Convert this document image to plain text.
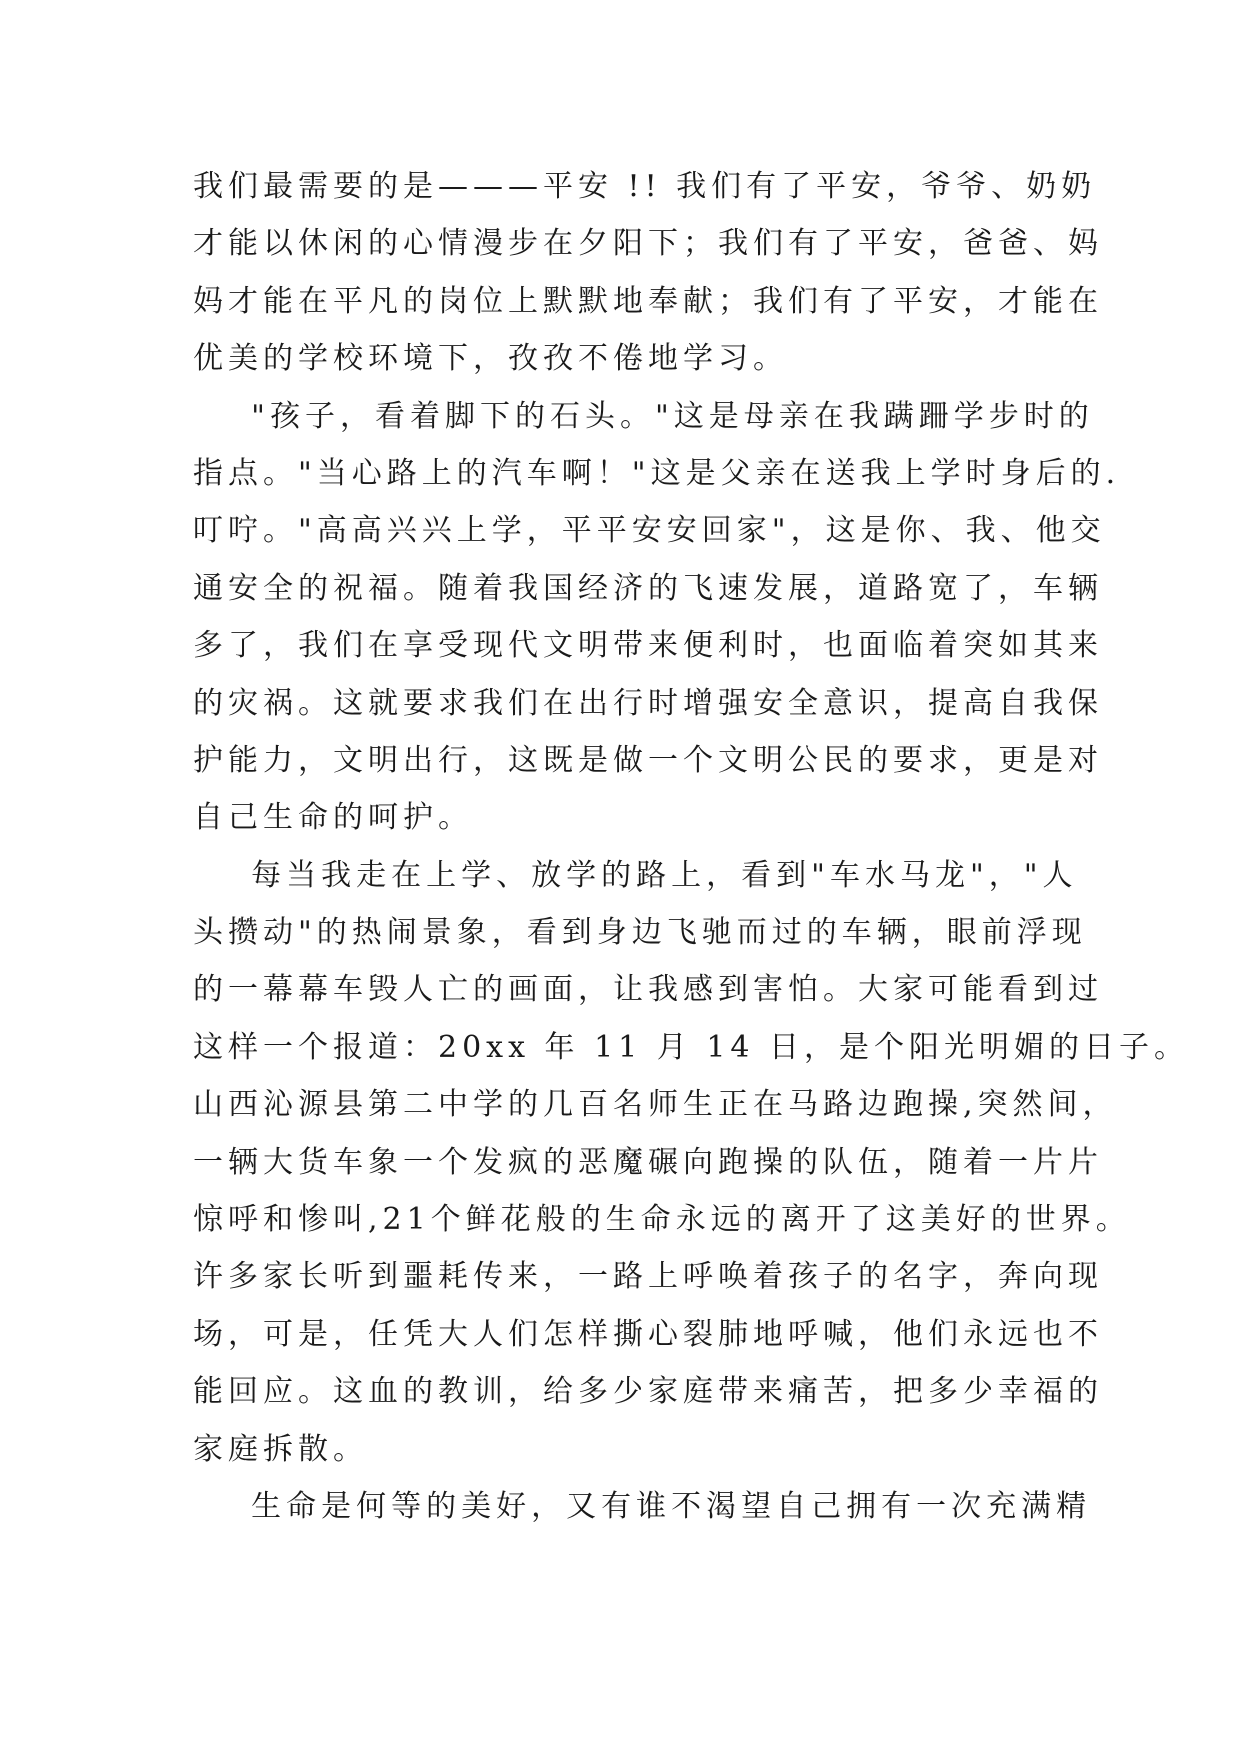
我们最需要的是———平安 !! 我们有了平安，爷爷、奶奶
才能以休闲的心情漫步在夕阳下；我们有了平安，爸爸、妈
妈才能在平凡的岗位上默默地奉献；我们有了平安，才能在
优美的学校环境下，孜孜不倦地学习。
"孩子，看着脚下的石头。"这是母亲在我蹒跚学步时的
指点。"当心路上的汽车啊！"这是父亲在送我上学时身后的.
叮咛。"高高兴兴上学，平平安安回家"，这是你、我、他交
通安全的祝福。随着我国经济的飞速发展，道路宽了，车辆
多了，我们在享受现代文明带来便利时，也面临着突如其来
的灾祸。这就要求我们在出行时增强安全意识，提高自我保
护能力，文明出行，这既是做一个文明公民的要求，更是对
自己生命的呵护。
每当我走在上学、放学的路上，看到"车水马龙"，"人
头攒动"的热闹景象，看到身边飞驰而过的车辆，眼前浮现
的一幕幕车毁人亡的画面，让我感到害怕。大家可能看到过
这样一个报道：20xx 年 11 月 14 日，是个阳光明媚的日子。
山西沁源县第二中学的几百名师生正在马路边跑操,突然间，
一辆大货车象一个发疯的恶魔碾向跑操的队伍，随着一片片
惊呼和惨叫,21个鲜花般的生命永远的离开了这美好的世界。
许多家长听到噩耗传来，一路上呼唤着孩子的名字，奔向现
场，可是，任凭大人们怎样撕心裂肺地呼喊，他们永远也不
能回应。这血的教训，给多少家庭带来痛苦，把多少幸福的
家庭拆散。
生命是何等的美好，又有谁不渴望自己拥有一次充满精
